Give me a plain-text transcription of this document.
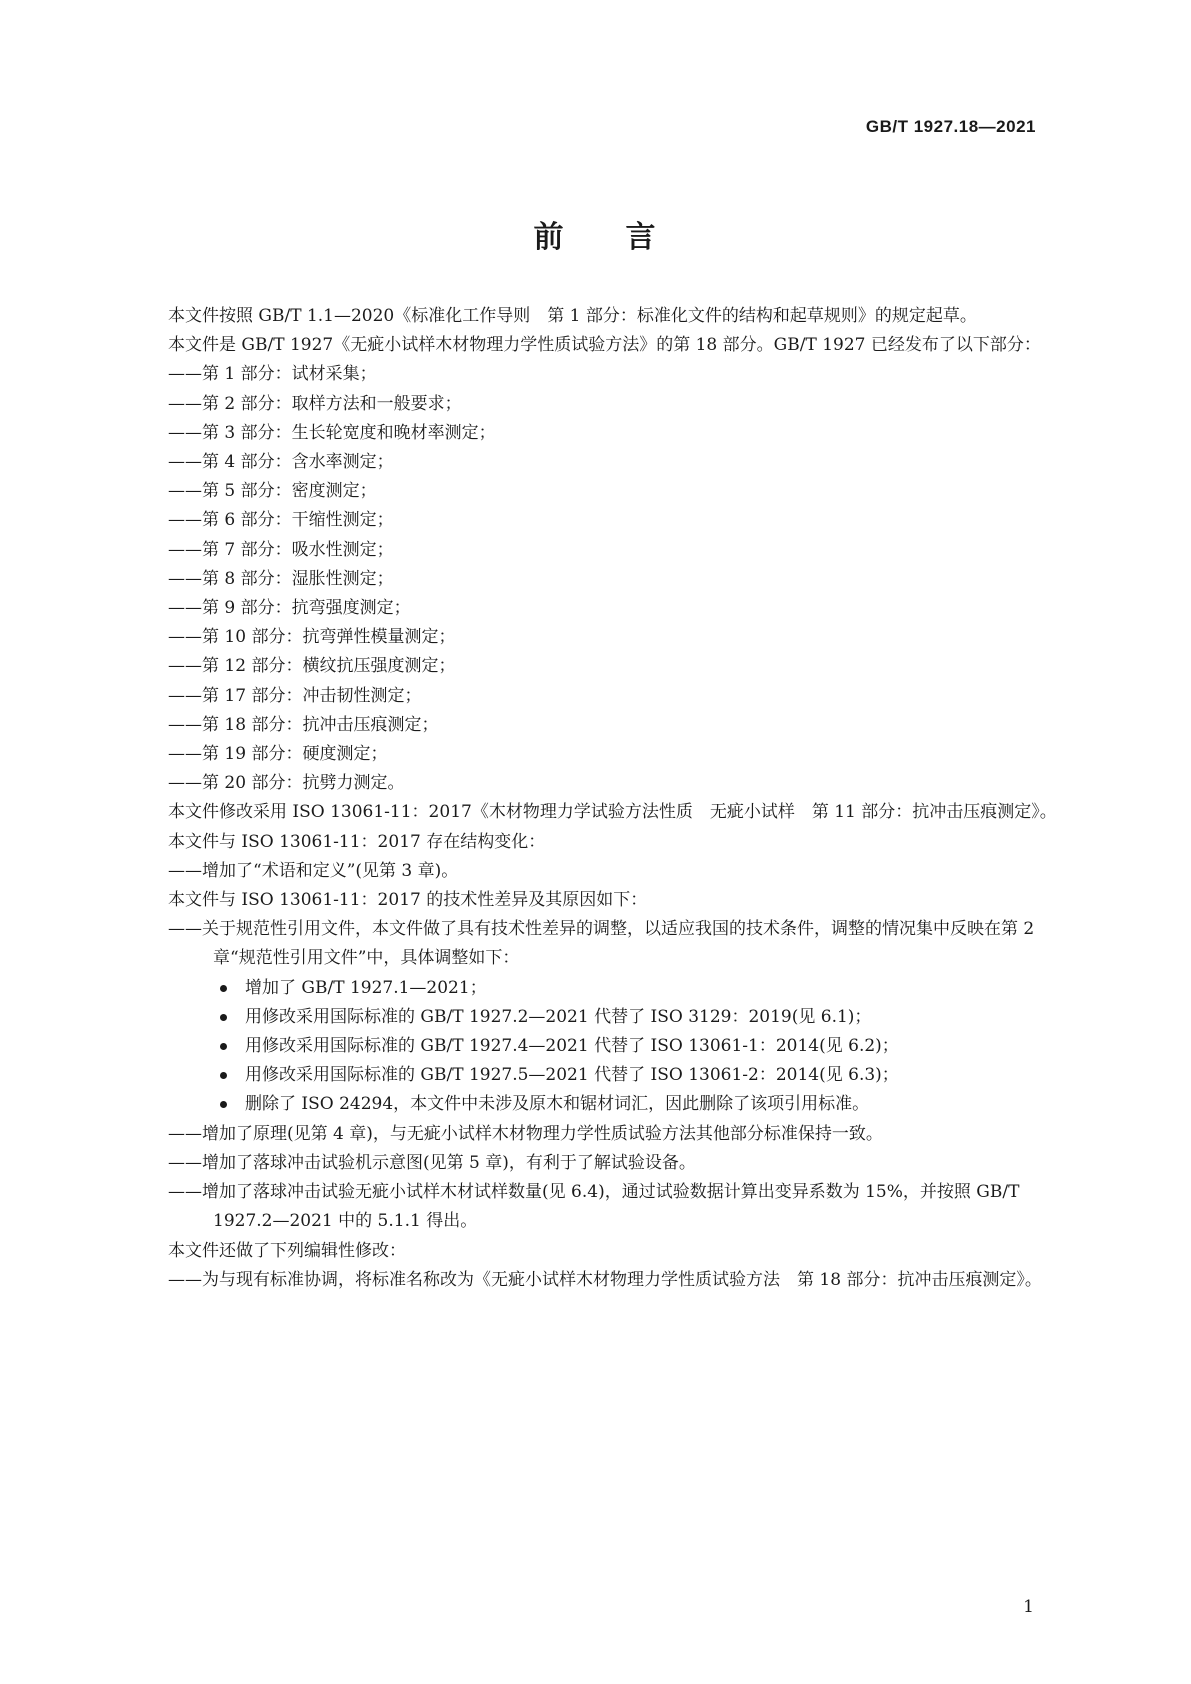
GB/T 1927.18—2021
前 言

本文件按照 GB/T 1.1—2020《标准化工作导则　第 1 部分：标准化文件的结构和起草规则》的规定起草。

本文件是 GB/T 1927《无疵小试样木材物理力学性质试验方法》的第 18 部分。GB/T 1927 已经发布了以下部分：

——第 1 部分：试材采集；

——第 2 部分：取样方法和一般要求；

——第 3 部分：生长轮宽度和晚材率测定；

——第 4 部分：含水率测定；

——第 5 部分：密度测定；

——第 6 部分：干缩性测定；

——第 7 部分：吸水性测定；

——第 8 部分：湿胀性测定；

——第 9 部分：抗弯强度测定；

——第 10 部分：抗弯弹性模量测定；

——第 12 部分：横纹抗压强度测定；

——第 17 部分：冲击韧性测定；

——第 18 部分：抗冲击压痕测定；

——第 19 部分：硬度测定；

——第 20 部分：抗劈力测定。

本文件修改采用 ISO 13061-11：2017《木材物理力学试验方法性质　无疵小试样　第 11 部分：抗冲击压痕测定》。

本文件与 ISO 13061-11：2017 存在结构变化：

——增加了“术语和定义”(见第 3 章)。

本文件与 ISO 13061-11：2017 的技术性差异及其原因如下：

——关于规范性引用文件，本文件做了具有技术性差异的调整，以适应我国的技术条件，调整的情况集中反映在第 2 章“规范性引用文件”中，具体调整如下：

增加了 GB/T 1927.1—2021；

用修改采用国际标准的 GB/T 1927.2—2021 代替了 ISO 3129：2019(见 6.1)；

用修改采用国际标准的 GB/T 1927.4—2021 代替了 ISO 13061-1：2014(见 6.2)；

用修改采用国际标准的 GB/T 1927.5—2021 代替了 ISO 13061-2：2014(见 6.3)；

删除了 ISO 24294，本文件中未涉及原木和锯材词汇，因此删除了该项引用标准。

——增加了原理(见第 4 章)，与无疵小试样木材物理力学性质试验方法其他部分标准保持一致。

——增加了落球冲击试验机示意图(见第 5 章)，有利于了解试验设备。

——增加了落球冲击试验无疵小试样木材试样数量(见 6.4)，通过试验数据计算出变异系数为 15%，并按照 GB/T 1927.2—2021 中的 5.1.1 得出。

本文件还做了下列编辑性修改：

——为与现有标准协调，将标准名称改为《无疵小试样木材物理力学性质试验方法　第 18 部分：抗冲击压痕测定》。

1
